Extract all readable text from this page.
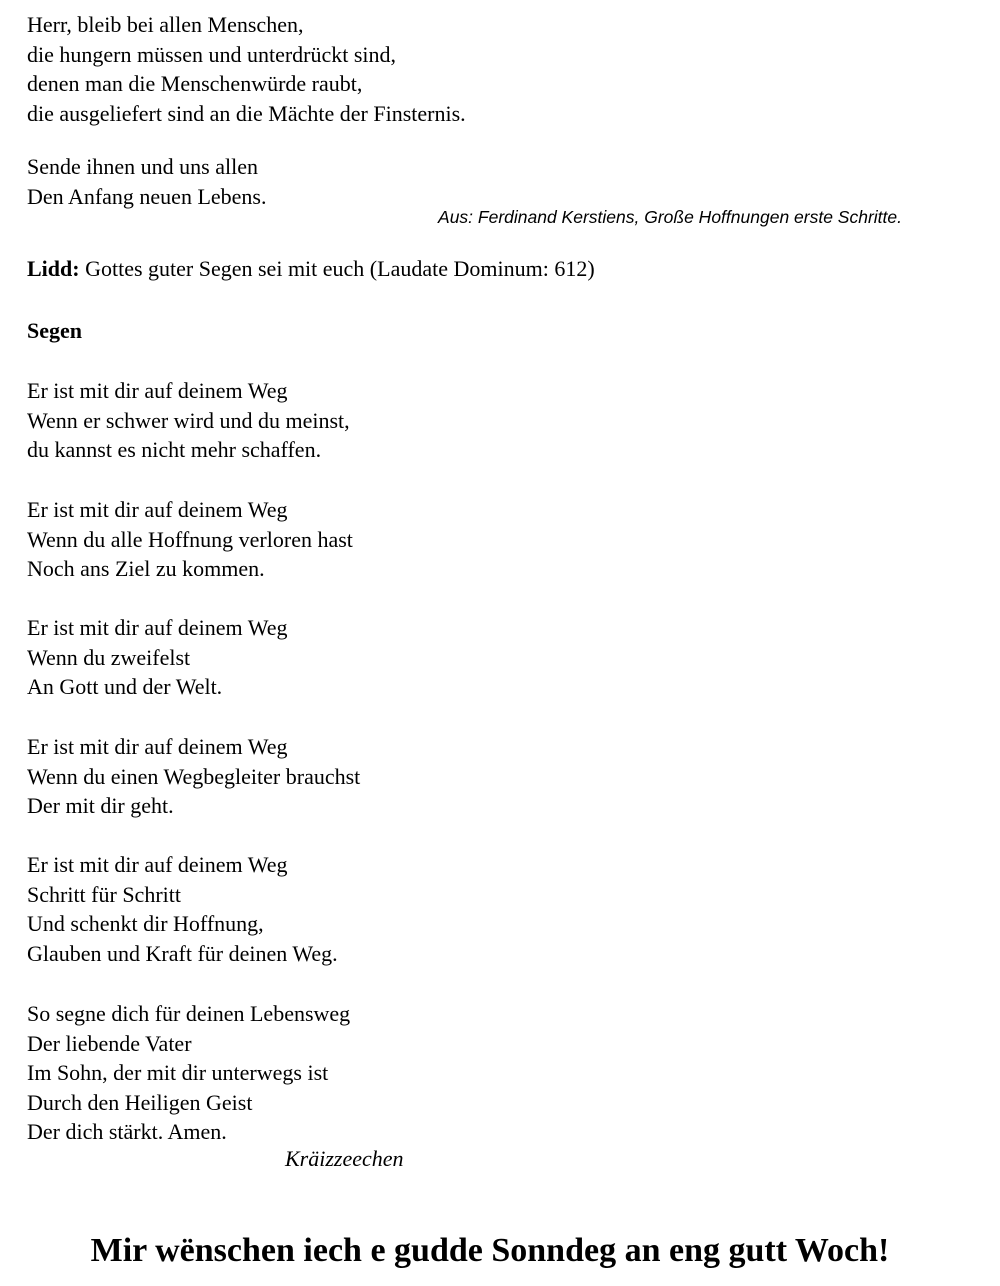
Herr, bleib bei allen Menschen,
die hungern müssen und unterdrückt sind,
denen man die Menschenwürde raubt,
die ausgeliefert sind an die Mächte der Finsternis.
Sende ihnen und uns allen
Den Anfang neuen Lebens.
Aus: Ferdinand Kerstiens, Große Hoffnungen erste Schritte.
Lidd: Gottes guter Segen sei mit euch (Laudate Dominum: 612)
Segen
Er ist mit dir auf deinem Weg
Wenn er schwer wird und du meinst,
du kannst es nicht mehr schaffen.
Er ist mit dir auf deinem Weg
Wenn du alle Hoffnung verloren hast
Noch ans Ziel zu kommen.
Er ist mit dir auf deinem Weg
Wenn du zweifelst
An Gott und der Welt.
Er ist mit dir auf deinem Weg
Wenn du einen Wegbegleiter brauchst
Der mit dir geht.
Er ist mit dir auf deinem Weg
Schritt für Schritt
Und schenkt dir Hoffnung,
Glauben und Kraft für deinen Weg.
So segne dich für deinen Lebensweg
Der liebende Vater
Im Sohn, der mit dir unterwegs ist
Durch den Heiligen Geist
Der dich stärkt. Amen.
Kräizzeechen
Mir wënschen iech e gudde Sonndeg an eng gutt Woch!
